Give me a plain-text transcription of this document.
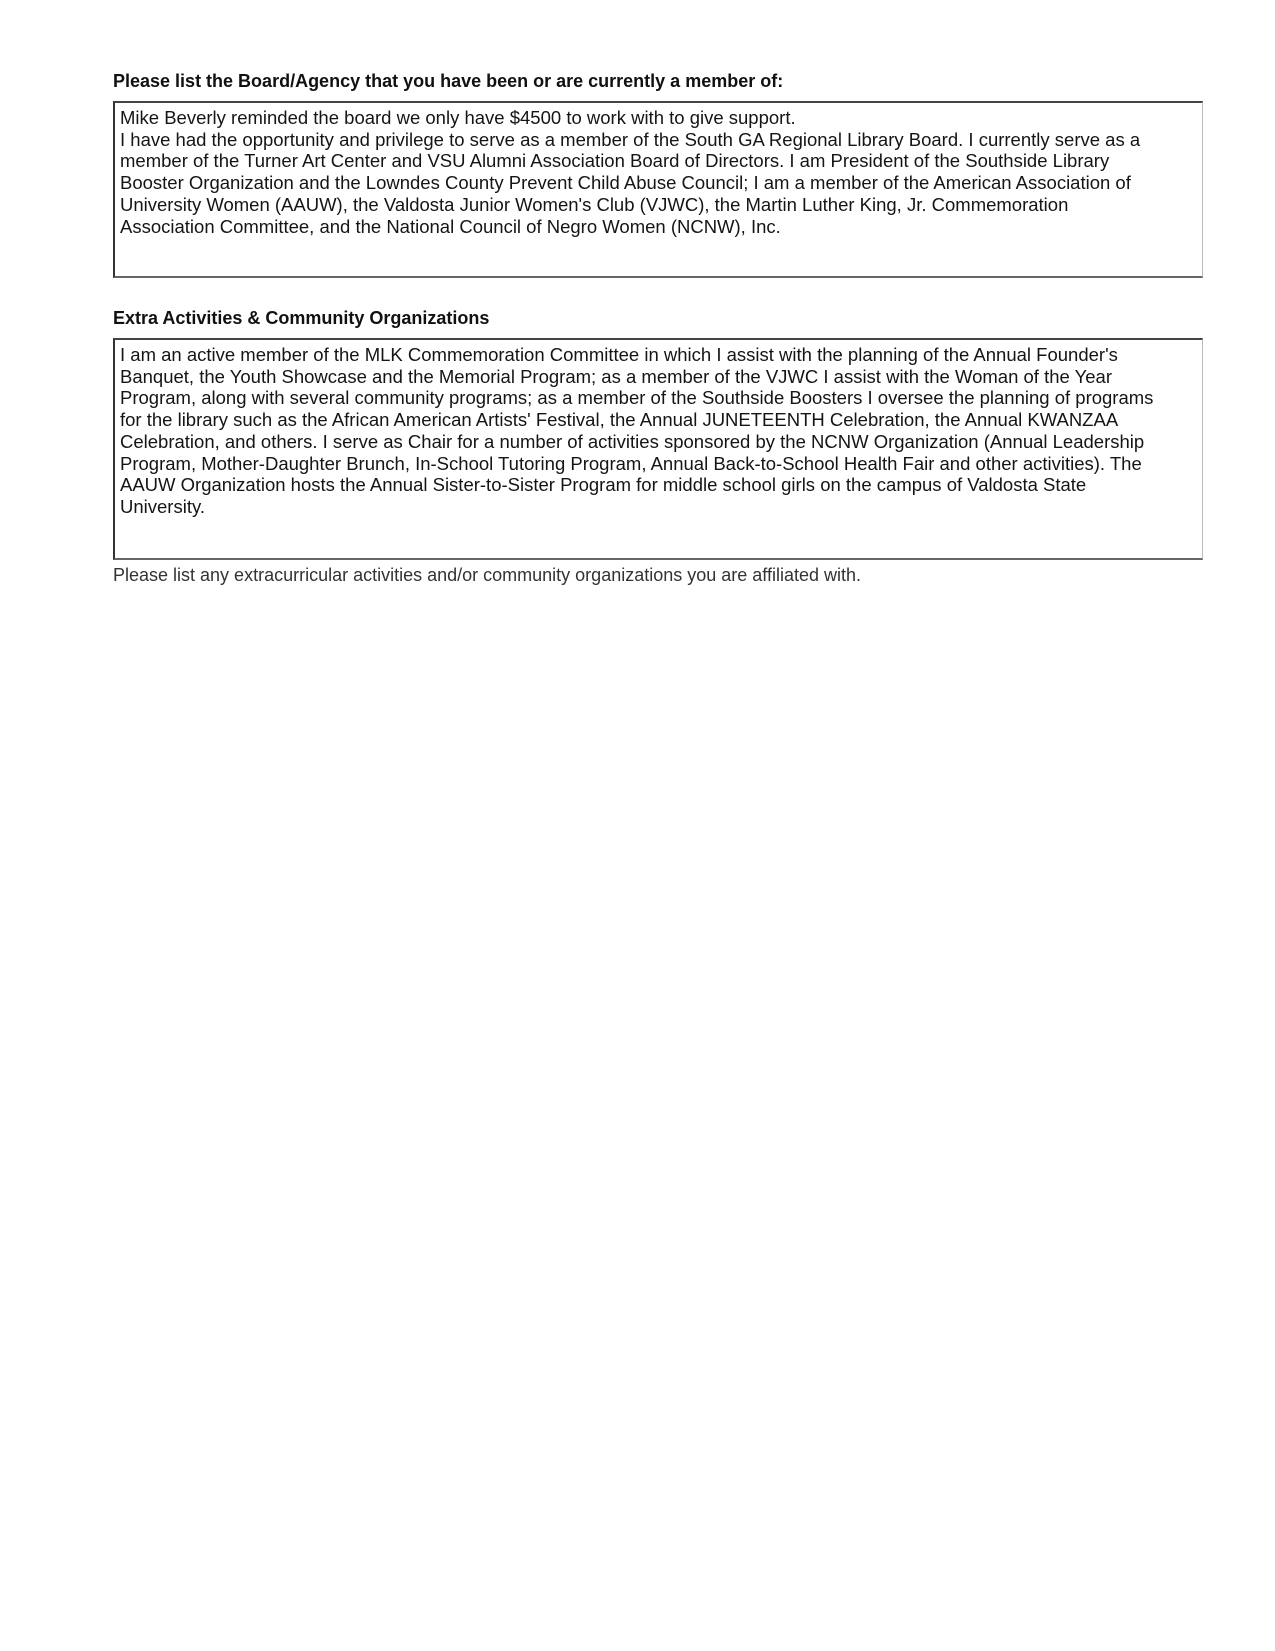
Please list the Board/Agency that you have been or are currently a member of:
Mike Beverly reminded the board we only have $4500 to work with to give support.
I have had the opportunity and privilege to serve as a member of the South GA Regional Library Board. I currently serve as a
member of the Turner Art Center and VSU Alumni Association Board of Directors. I am President of the Southside Library
Booster Organization and the Lowndes County Prevent Child Abuse Council; I am a member of the American Association of
University Women (AAUW), the Valdosta Junior Women's Club (VJWC), the Martin Luther King, Jr. Commemoration
Association Committee, and the National Council of Negro Women (NCNW), Inc.
Extra Activities & Community Organizations
I am an active member of the MLK Commemoration Committee in which I assist with the planning of the Annual Founder's
Banquet, the Youth Showcase and the Memorial Program; as a member of the VJWC I assist with the Woman of the Year
Program, along with several community programs; as a member of the Southside Boosters I oversee the planning of programs
for the library such as the African American Artists' Festival, the Annual JUNETEENTH Celebration, the Annual KWANZAA
Celebration, and others. I serve as Chair for a number of activities sponsored by the NCNW Organization (Annual Leadership
Program, Mother-Daughter Brunch, In-School Tutoring Program, Annual Back-to-School Health Fair and other activities). The
AAUW Organization hosts the Annual Sister-to-Sister Program for middle school girls on the campus of Valdosta State
University.
Please list any extracurricular activities and/or community organizations you are affiliated with.
